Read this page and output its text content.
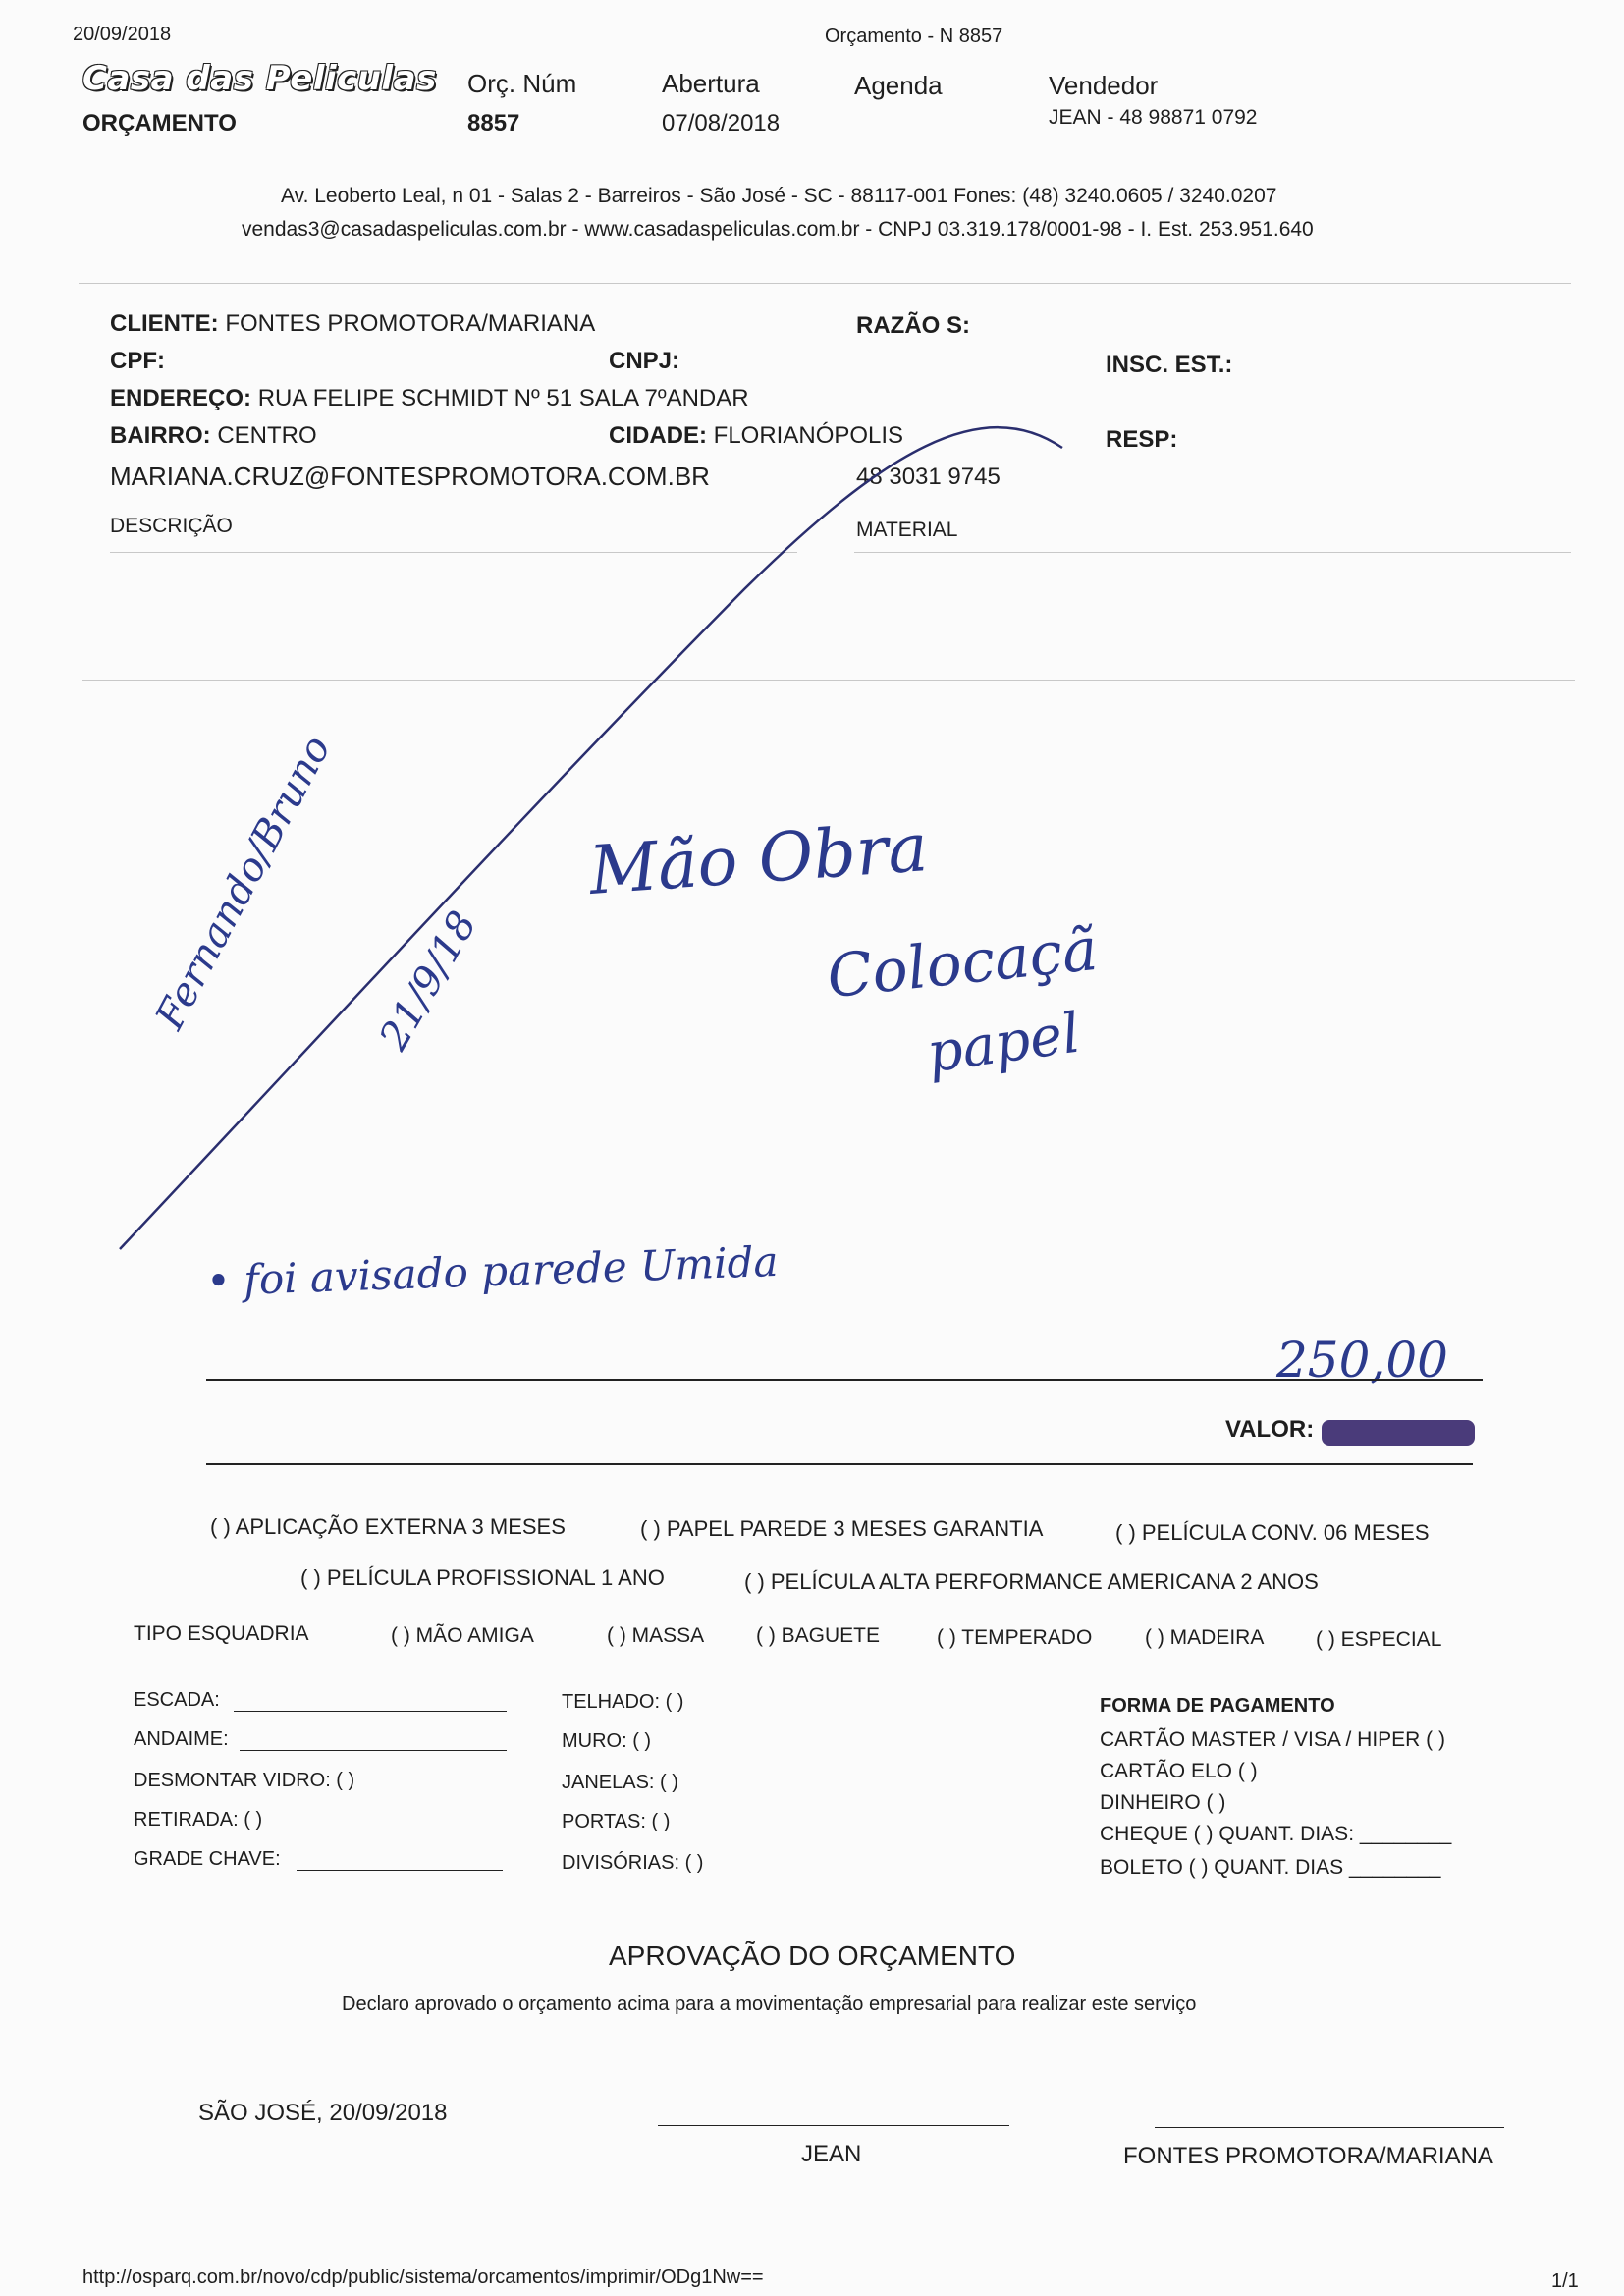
20/09/2018	Orçamento - N 8857
Casa das Peliculas
ORÇAMENTO
Orç. Núm
8857
Abertura
07/08/2018
Agenda	Vendedor
JEAN - 48 98871 0792
Av. Leoberto Leal, n 01 - Salas 2 - Barreiros - São José - SC - 88117-001 Fones: (48) 3240.0605 / 3240.0207
vendas3@casadaspeliculas.com.br - www.casadaspeliculas.com.br - CNPJ 03.319.178/0001-98 - I. Est. 253.951.640
CLIENTE: FONTES PROMOTORA/MARIANA	RAZÃO S:
CPF:	CNPJ:	INSC. EST.:
ENDEREÇO: RUA FELIPE SCHMIDT Nº 51 SALA 7ºANDAR
BAIRRO: CENTRO	CIDADE: FLORIANÓPOLIS	RESP:
MARIANA.CRUZ@FONTESPROMOTORA.COM.BR	48 3031 9745
DESCRIÇÃO	MATERIAL
Mão Obra
Colocaçã
papel
Fernando/Bruno 21/9/18
• foi avisado parede Umida
250,00
VALOR:
( ) APLICAÇÃO EXTERNA 3 MESES	( ) PAPEL PAREDE 3 MESES GARANTIA	( ) PELÍCULA CONV. 06 MESES
( ) PELÍCULA PROFISSIONAL 1 ANO	( ) PELÍCULA ALTA PERFORMANCE AMERICANA 2 ANOS
TIPO ESQUADRIA	( ) MÃO AMIGA	( ) MASSA	( ) BAGUETE	( ) TEMPERADO	( ) MADEIRA	( ) ESPECIAL
ESCADA:
ANDAIME:
DESMONTAR VIDRO: ( )
RETIRADA: ( )
GRADE CHAVE:
TELHADO: ( )
MURO: ( )
JANELAS: ( )
PORTAS: ( )
DIVISÓRIAS: ( )
FORMA DE PAGAMENTO
CARTÃO MASTER / VISA / HIPER ( )
CARTÃO ELO ( )
DINHEIRO ( )
CHEQUE ( ) QUANT. DIAS: ________
BOLETO ( ) QUANT. DIAS ________
APROVAÇÃO DO ORÇAMENTO
Declaro aprovado o orçamento acima para a movimentação empresarial para realizar este serviço
SÃO JOSÉ, 20/09/2018
JEAN	FONTES PROMOTORA/MARIANA
http://osparq.com.br/novo/cdp/public/sistema/orcamentos/imprimir/ODg1Nw==	1/1
